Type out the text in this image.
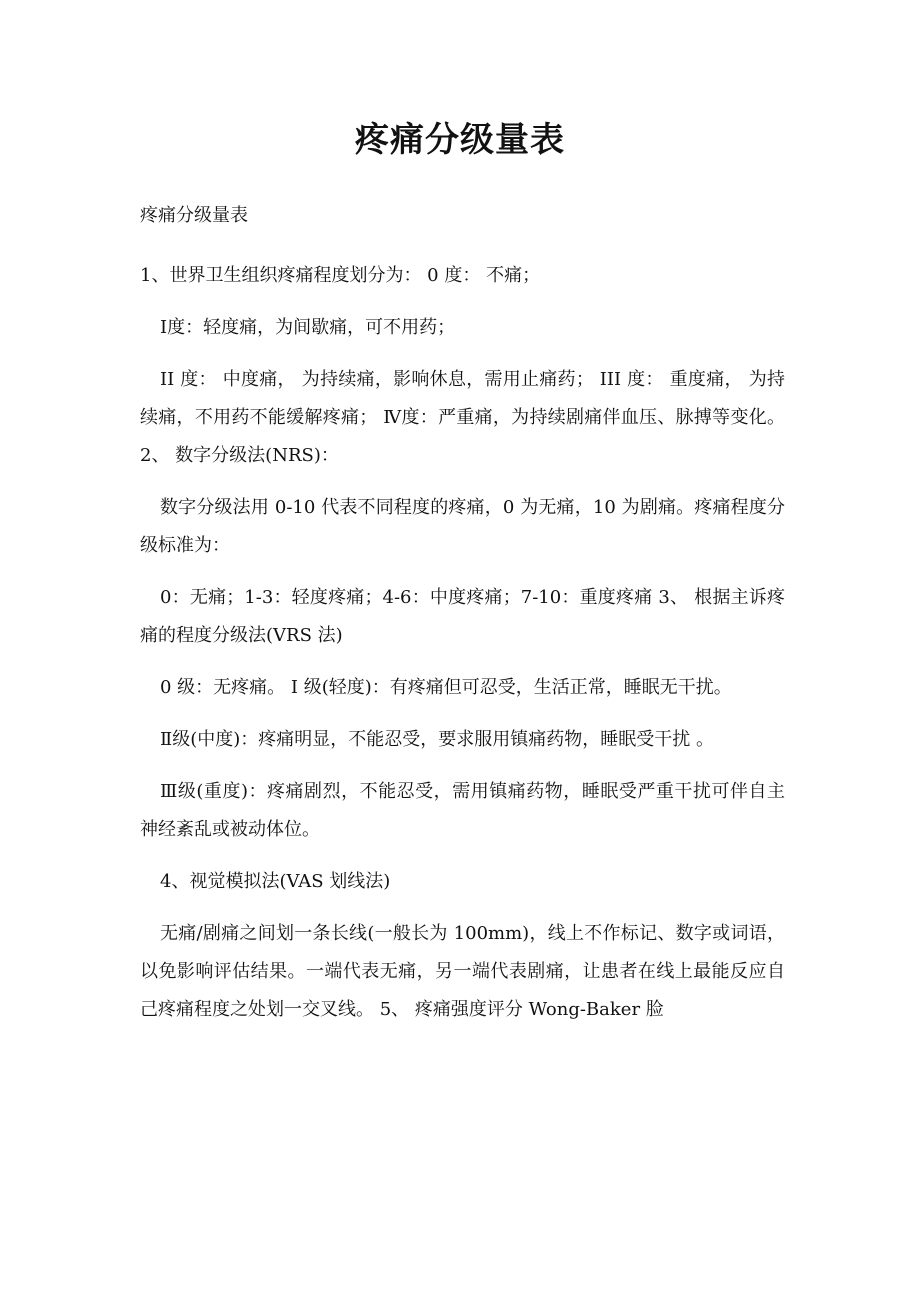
疼痛分级量表

疼痛分级量表

1、世界卫生组织疼痛程度划分为： 0 度： 不痛；

Ⅰ度：轻度痛，为间歇痛，可不用药；

II 度： 中度痛， 为持续痛，影响休息，需用止痛药； III 度： 重度痛， 为持续痛，不用药不能缓解疼痛； Ⅳ度：严重痛，为持续剧痛伴血压、脉搏等变化。 2、 数字分级法(NRS)：

数字分级法用 0-10 代表不同程度的疼痛，0 为无痛，10 为剧痛。疼痛程度分级标准为：

0：无痛；1-3：轻度疼痛；4-6：中度疼痛；7-10：重度疼痛 3、 根据主诉疼痛的程度分级法(VRS 法)

0 级：无疼痛。 I 级(轻度)：有疼痛但可忍受，生活正常，睡眠无干扰。

Ⅱ级(中度)：疼痛明显，不能忍受，要求服用镇痛药物，睡眠受干扰 。

Ⅲ级(重度)：疼痛剧烈，不能忍受，需用镇痛药物，睡眠受严重干扰可伴自主神经紊乱或被动体位。

4、视觉模拟法(VAS 划线法)

无痛/剧痛之间划一条长线(一般长为 100mm)，线上不作标记、数字或词语，以免影响评估结果。一端代表无痛，另一端代表剧痛，让患者在线上最能反应自己疼痛程度之处划一交叉线。 5、 疼痛强度评分 Wong-Baker 脸
